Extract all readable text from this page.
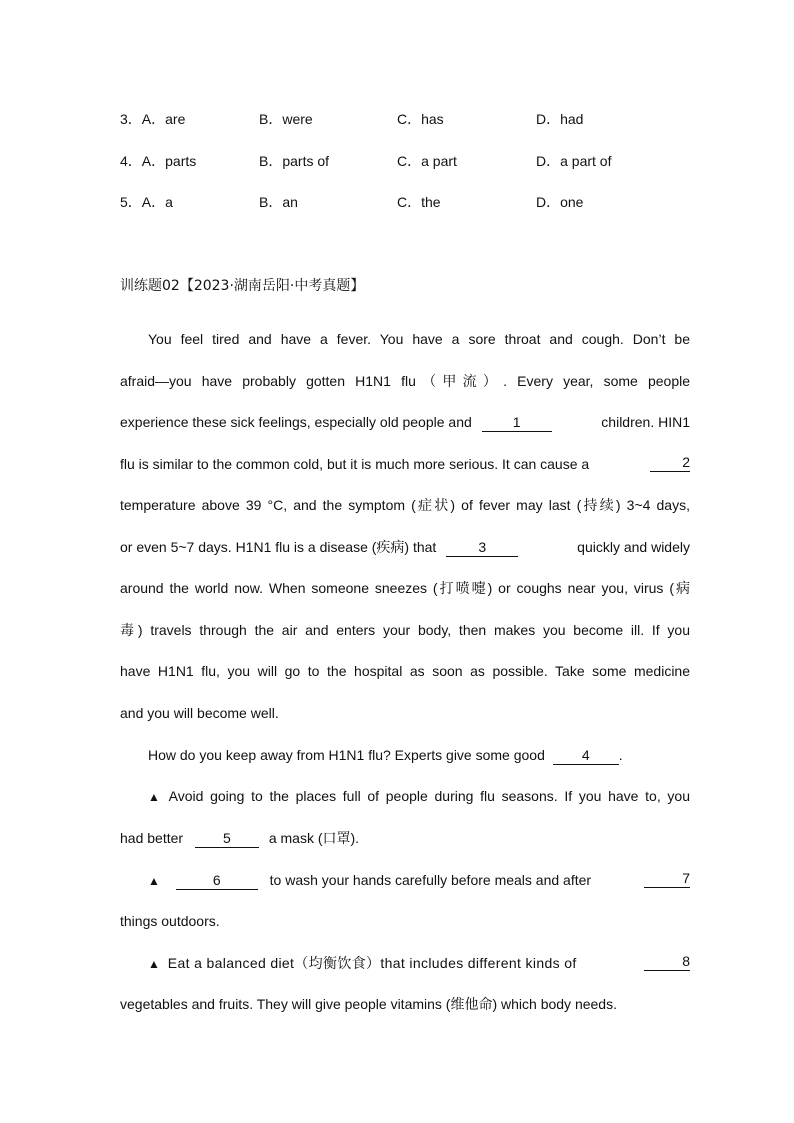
3．A．are	B．were	C．has	D．had
4．A．parts	B．parts of	C．a part	D．a part of
5．A．a	B．an	C．the	D．one
训练题02【2023·湖南岳阳·中考真题】
You feel tired and have a fever. You have a sore throat and cough. Don’t be
afraid—you have probably gotten H1N1 flu（甲流）. Every year, some people
experience these sick feelings, especially old people and	1	children. HIN1
flu is similar to the common cold, but it is much more serious. It can cause a	2
temperature above 39 °C, and the symptom (症状) of fever may last (持续) 3~4 days,
or even 5~7 days. H1N1 flu is a disease (疾病) that	3	quickly and widely
around the world now. When someone sneezes (打喷嚏) or coughs near you, virus (病
毒) travels through the air and enters your body, then makes you become ill. If you
have H1N1 flu, you will go to the hospital as soon as possible. Take some medicine
and you will become well.
How do you keep away from H1N1 flu? Experts give some good	4 .
▲ Avoid going to the places full of people during flu seasons. If you have to, you
had better	5	a mask (口罩).
▲	6	to wash your hands carefully before meals and after	7
things outdoors.
▲ Eat a balanced diet（均衡饮食）that includes different kinds of	8
vegetables and fruits. They will give people vitamins (维他命) which body needs.
